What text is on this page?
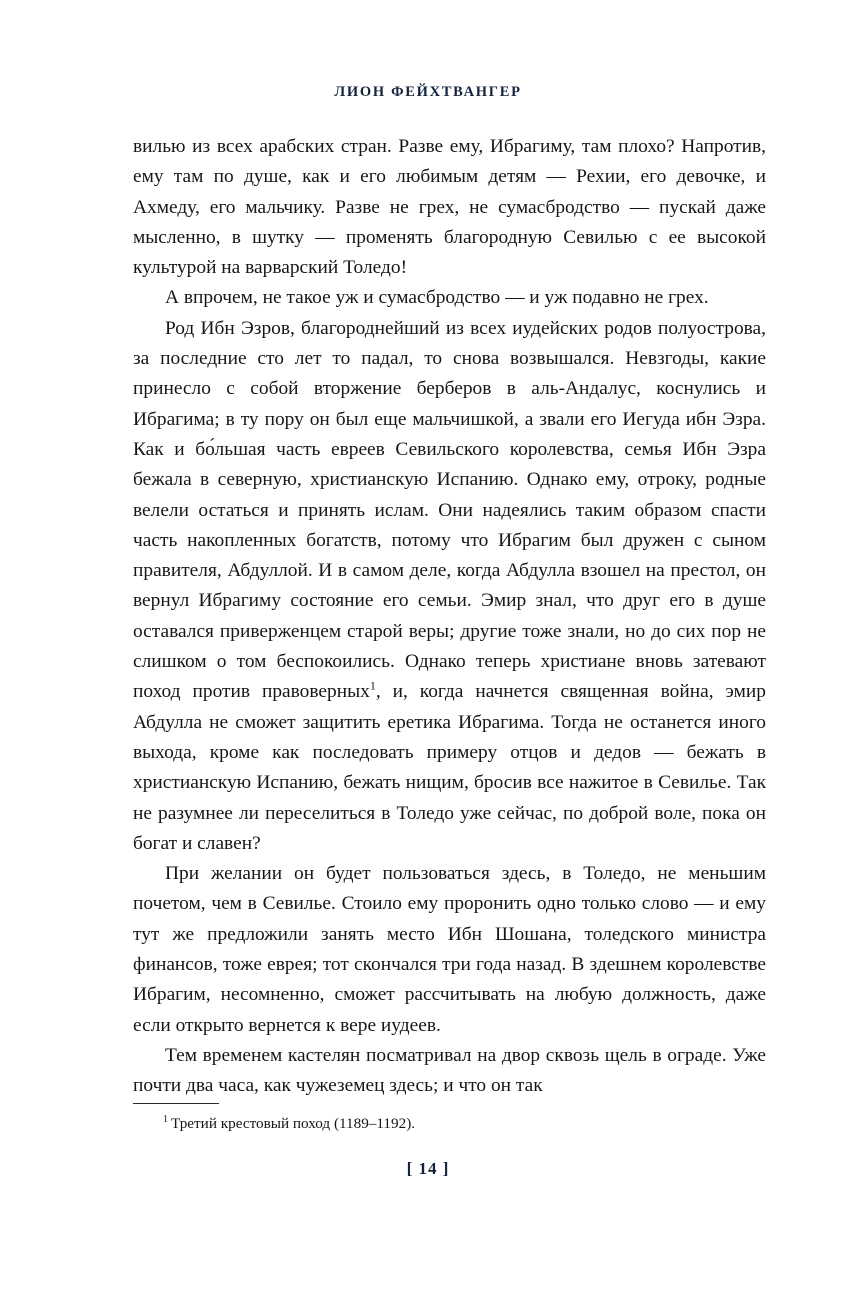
ЛИОН ФЕЙХТВАНГЕР

вилью из всех арабских стран. Разве ему, Ибрагиму, там плохо? Напротив, ему там по душе, как и его любимым детям — Рехии, его девочке, и Ахмеду, его мальчику. Разве не грех, не сумасбродство — пускай даже мысленно, в шутку — променять благородную Севилью с ее высокой культурой на варварский Толедо!

А впрочем, не такое уж и сумасбродство — и уж подавно не грех.

Род Ибн Эзров, благороднейший из всех иудейских родов полуострова, за последние сто лет то падал, то снова возвышался. Невзгоды, какие принесло с собой вторжение берберов в аль-Андалус, коснулись и Ибрагима; в ту пору он был еще мальчишкой, а звали его Иегуда ибн Эзра. Как и бо́льшая часть евреев Севильского королевства, семья Ибн Эзра бежала в северную, христианскую Испанию. Однако ему, отроку, родные велели остаться и принять ислам. Они надеялись таким образом спасти часть накопленных богатств, потому что Ибрагим был дружен с сыном правителя, Абдуллой. И в самом деле, когда Абдулла взошел на престол, он вернул Ибрагиму состояние его семьи. Эмир знал, что друг его в душе оставался приверженцем старой веры; другие тоже знали, но до сих пор не слишком о том беспокоились. Однако теперь христиане вновь затевают поход против правоверных$^1$, и, когда начнется священная война, эмир Абдулла не сможет защитить еретика Ибрагима. Тогда не останется иного выхода, кроме как последовать примеру отцов и дедов — бежать в христианскую Испанию, бежать нищим, бросив все нажитое в Севилье. Так не разумнее ли переселиться в Толедо уже сейчас, по доброй воле, пока он богат и славен?

При желании он будет пользоваться здесь, в Толедо, не меньшим почетом, чем в Севилье. Стоило ему проронить одно только слово — и ему тут же предложили занять место Ибн Шошана, толедского министра финансов, тоже еврея; тот скончался три года назад. В здешнем королевстве Ибрагим, несомненно, сможет рассчитывать на любую должность, даже если открыто вернется к вере иудеев.

Тем временем кастелян посматривал на двор сквозь щель в ограде. Уже почти два часа, как чужеземец здесь; и что он так

$^1$ Третий крестовый поход (1189–1192).
[ 14 ]
